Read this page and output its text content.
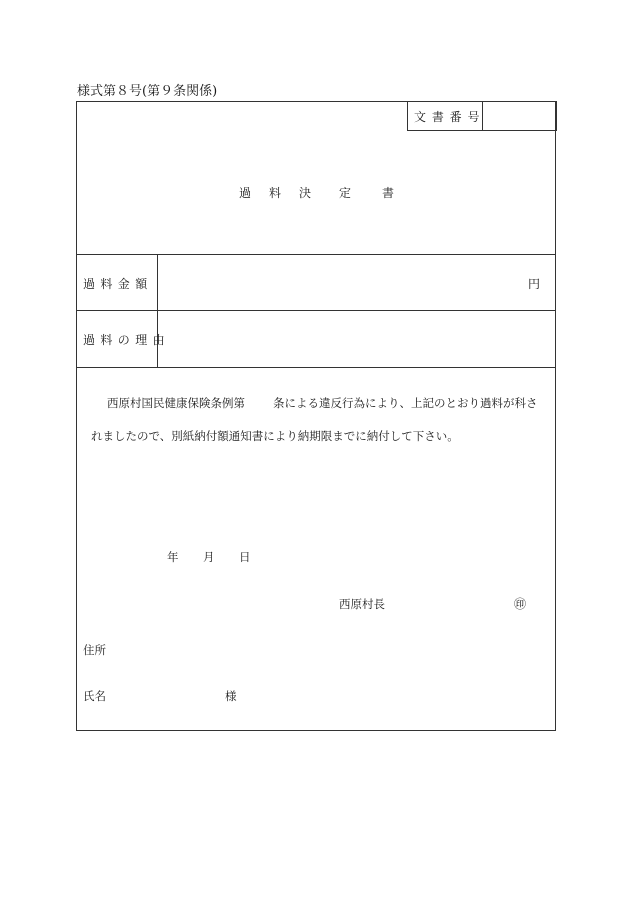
様式第８号(第９条関係)
文 書 番 号
過 料 決 定	書
過料金額	円
過料の理由
西原村国民健康保険条例第 条による違反行為により、上記のとおり過料が科さ
れましたので、別紙納付額通知書により納期限までに納付して下さい。
年 月 日
西原村長	㊞
住所
氏名	様
